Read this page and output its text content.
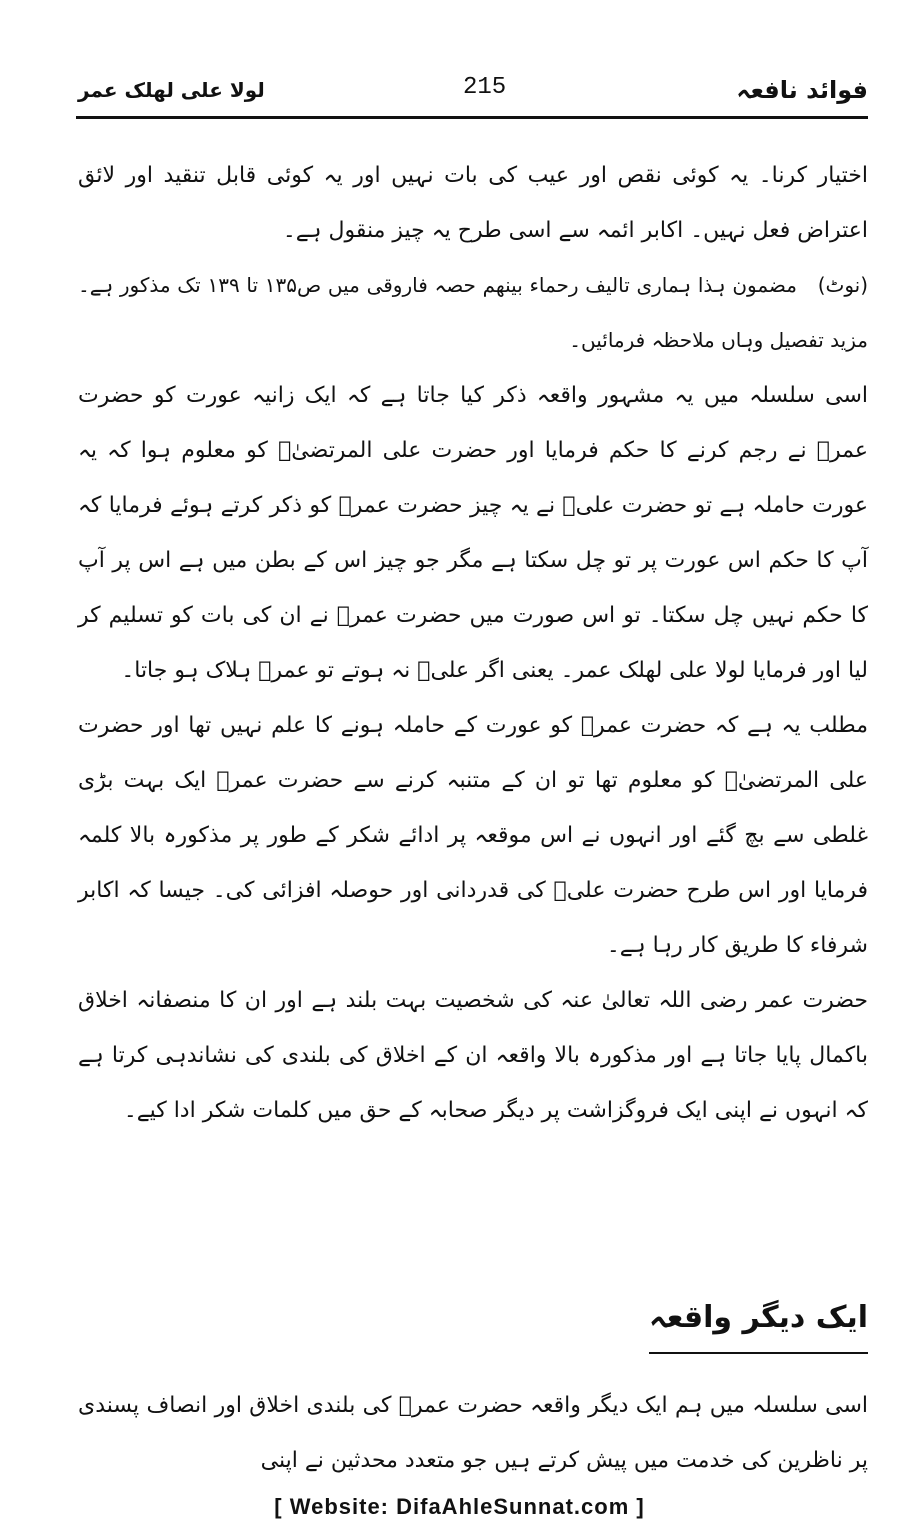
فوائد نافعہ
215
لولا علی لھلک عمر

اختیار کرنا۔ یہ کوئی نقص اور عیب کی بات نہیں اور یہ کوئی قابل تنقید اور لائق اعتراض فعل نہیں۔ اکابر ائمہ سے اسی طرح یہ چیز منقول ہے۔

(نوٹ) مضمون ہذا ہماری تالیف رحماء بینھم حصہ فاروقی میں ص۱۳۵ تا ۱۳۹ تک مذکور ہے۔ مزید تفصیل وہاں ملاحظہ فرمائیں۔

اسی سلسلہ میں یہ مشہور واقعہ ذکر کیا جاتا ہے کہ ایک زانیہ عورت کو حضرت عمرؓ نے رجم کرنے کا حکم فرمایا اور حضرت علی المرتضیٰؓ کو معلوم ہوا کہ یہ عورت حاملہ ہے تو حضرت علیؓ نے یہ چیز حضرت عمرؓ کو ذکر کرتے ہوئے فرمایا کہ آپ کا حکم اس عورت پر تو چل سکتا ہے مگر جو چیز اس کے بطن میں ہے اس پر آپ کا حکم نہیں چل سکتا۔ تو اس صورت میں حضرت عمرؓ نے ان کی بات کو تسلیم کر لیا اور فرمایا لولا علی لھلک عمر۔ یعنی اگر علیؓ نہ ہوتے تو عمرؓ ہلاک ہو جاتا۔

مطلب یہ ہے کہ حضرت عمرؓ کو عورت کے حاملہ ہونے کا علم نہیں تھا اور حضرت علی المرتضیٰؓ کو معلوم تھا تو ان کے متنبہ کرنے سے حضرت عمرؓ ایک بہت بڑی غلطی سے بچ گئے اور انہوں نے اس موقعہ پر ادائے شکر کے طور پر مذکورہ بالا کلمہ فرمایا اور اس طرح حضرت علیؓ کی قدردانی اور حوصلہ افزائی کی۔ جیسا کہ اکابر شرفاء کا طریق کار رہا ہے۔

حضرت عمر رضی اللہ تعالیٰ عنہ کی شخصیت بہت بلند ہے اور ان کا منصفانہ اخلاق باکمال پایا جاتا ہے اور مذکورہ بالا واقعہ ان کے اخلاق کی بلندی کی نشاندہی کرتا ہے کہ انہوں نے اپنی ایک فروگزاشت پر دیگر صحابہ کے حق میں کلمات شکر ادا کیے۔

ایک دیگر واقعہ

اسی سلسلہ میں ہم ایک دیگر واقعہ حضرت عمرؓ کی بلندی اخلاق اور انصاف پسندی پر ناظرین کی خدمت میں پیش کرتے ہیں جو متعدد محدثین نے اپنی

[ Website: DifaAhleSunnat.com ]
